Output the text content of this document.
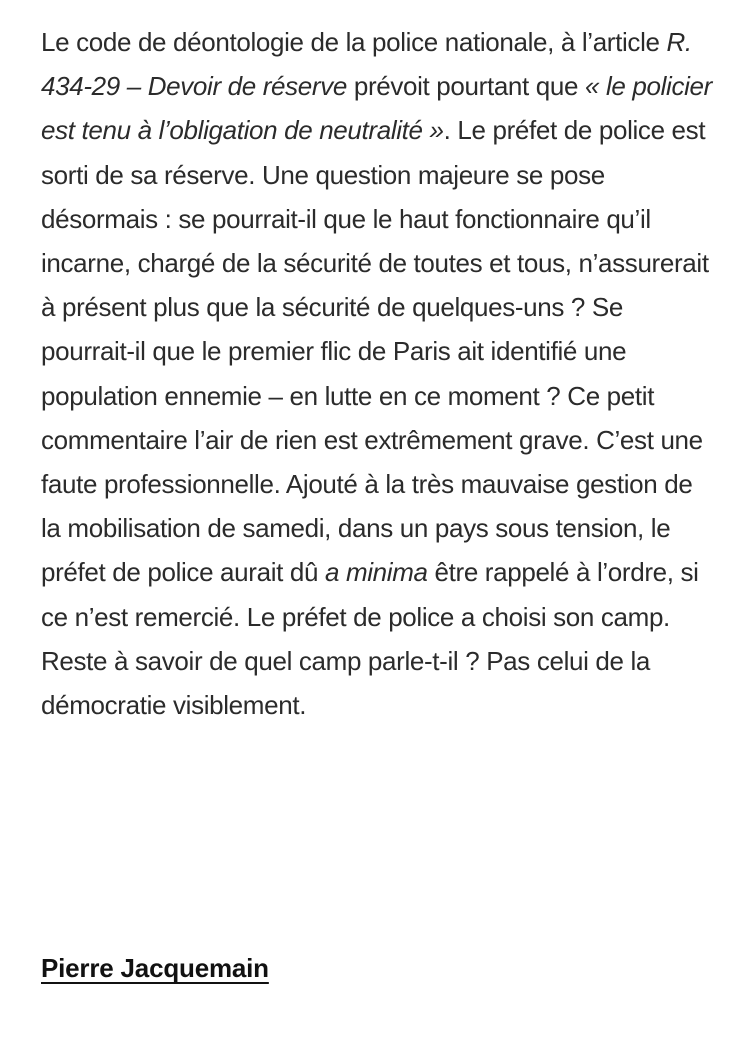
Le code de déontologie de la police nationale, à l’article R. 434-29 – Devoir de réserve prévoit pourtant que « le policier est tenu à l’obligation de neutralité ». Le préfet de police est sorti de sa réserve. Une question majeure se pose désormais : se pourrait-il que le haut fonctionnaire qu’il incarne, chargé de la sécurité de toutes et tous, n’assurerait à présent plus que la sécurité de quelques-uns ? Se pourrait-il que le premier flic de Paris ait identifié une population ennemie – en lutte en ce moment ? Ce petit commentaire l’air de rien est extrêmement grave. C’est une faute professionnelle. Ajouté à la très mauvaise gestion de la mobilisation de samedi, dans un pays sous tension, le préfet de police aurait dû a minima être rappelé à l’ordre, si ce n’est remercié. Le préfet de police a choisi son camp. Reste à savoir de quel camp parle-t-il ? Pas celui de la démocratie visiblement.

Pierre Jacquemain
